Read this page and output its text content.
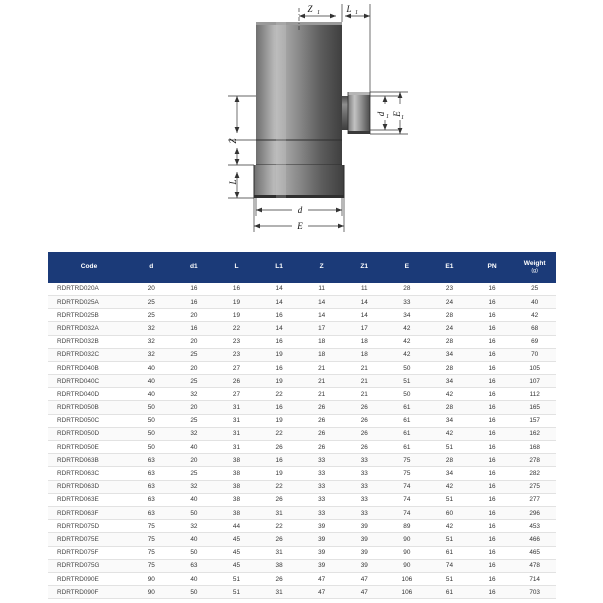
Z 1	L 1
Z
L
d
E
d 1 E
1
Code	d	d1	L	L1	Z	Z1	E	E1	PN	Weight
(g)

RDRTRD020A	20	16	16	14	11	11	28	23	16	25
RDRTRD025A	25	16	19	14	14	14	33	24	16	40
RDRTRD025B	25	20	19	16	14	14	34	28	16	42
RDRTRD032A	32	16	22	14	17	17	42	24	16	68
RDRTRD032B	32	20	23	16	18	18	42	28	16	69
RDRTRD032C	32	25	23	19	18	18	42	34	16	70
RDRTRD040B	40	20	27	16	21	21	50	28	16	105
RDRTRD040C	40	25	26	19	21	21	51	34	16	107
RDRTRD040D	40	32	27	22	21	21	50	42	16	112
RDRTRD050B	50	20	31	16	26	26	61	28	16	165
RDRTRD050C	50	25	31	19	26	26	61	34	16	157
RDRTRD050D	50	32	31	22	26	26	61	42	16	162
RDRTRD050E	50	40	31	26	26	26	61	51	16	168
RDRTRD063B	63	20	38	16	33	33	75	28	16	278
RDRTRD063C	63	25	38	19	33	33	75	34	16	282
RDRTRD063D	63	32	38	22	33	33	74	42	16	275
RDRTRD063E	63	40	38	26	33	33	74	51	16	277
RDRTRD063F	63	50	38	31	33	33	74	60	16	296
RDRTRD075D	75	32	44	22	39	39	89	42	16	453
RDRTRD075E	75	40	45	26	39	39	90	51	16	466
RDRTRD075F	75	50	45	31	39	39	90	61	16	465
RDRTRD075G	75	63	45	38	39	39	90	74	16	478
RDRTRD090E	90	40	51	26	47	47	106	51	16	714
RDRTRD090F	90	50	51	31	47	47	106	61	16	703
